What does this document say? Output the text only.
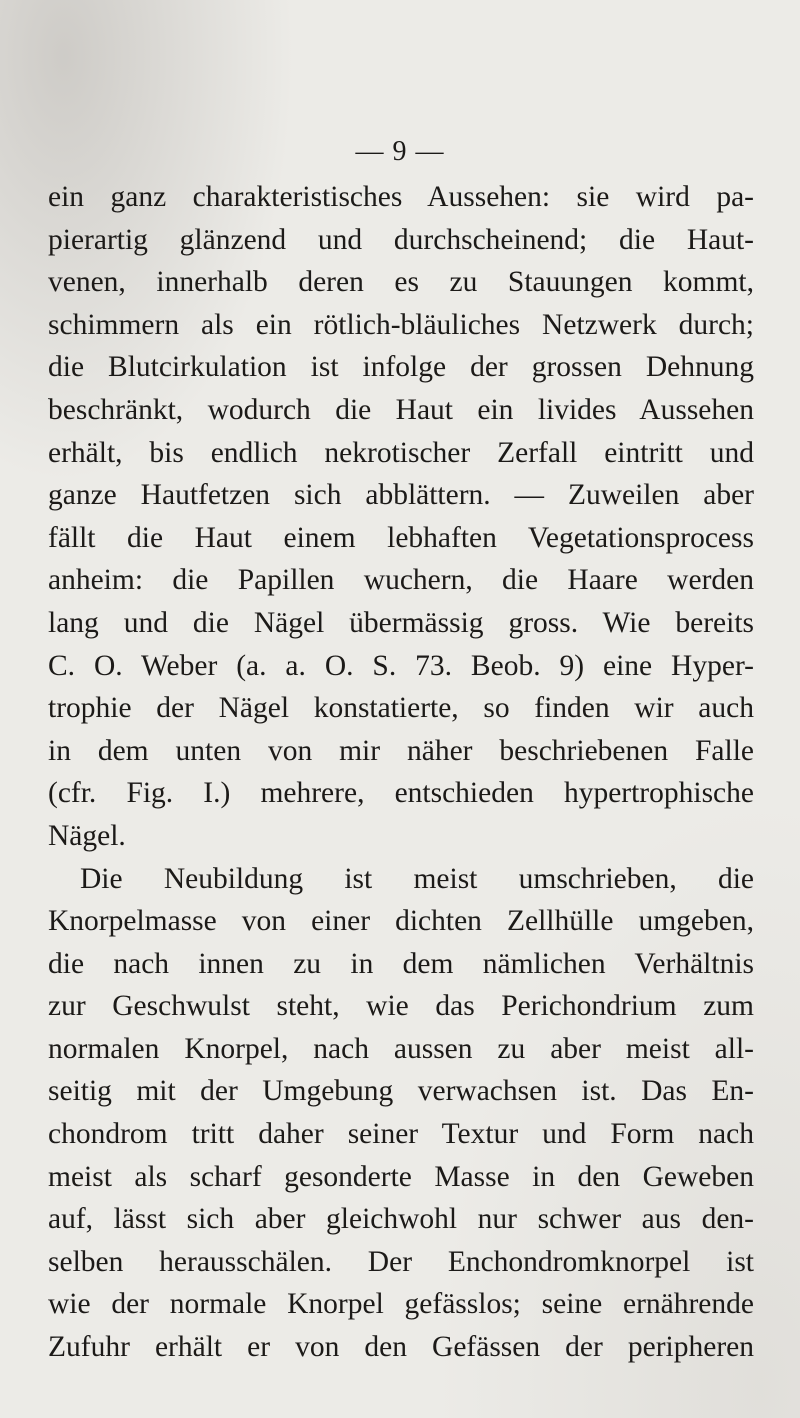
— 9 —
ein ganz charakteristisches Aussehen: sie wird pa-
pierartig glänzend und durchscheinend; die Haut-
venen, innerhalb deren es zu Stauungen kommt,
schimmern als ein rötlich-bläuliches Netzwerk durch;
die Blutcirkulation ist infolge der grossen Dehnung
beschränkt, wodurch die Haut ein livides Aussehen
erhält, bis endlich nekrotischer Zerfall eintritt und
ganze Hautfetzen sich abblättern. — Zuweilen aber
fällt die Haut einem lebhaften Vegetationsprocess
anheim: die Papillen wuchern, die Haare werden
lang und die Nägel übermässig gross. Wie bereits
C. O. Weber (a. a. O. S. 73. Beob. 9) eine Hyper-
trophie der Nägel konstatierte, so finden wir auch
in dem unten von mir näher beschriebenen Falle
(cfr. Fig. I.) mehrere, entschieden hypertrophische
Nägel.
Die Neubildung ist meist umschrieben, die
Knorpelmasse von einer dichten Zellhülle umgeben,
die nach innen zu in dem nämlichen Verhältnis
zur Geschwulst steht, wie das Perichondrium zum
normalen Knorpel, nach aussen zu aber meist all-
seitig mit der Umgebung verwachsen ist. Das En-
chondrom tritt daher seiner Textur und Form nach
meist als scharf gesonderte Masse in den Geweben
auf, lässt sich aber gleichwohl nur schwer aus den-
selben herausschälen. Der Enchondromknorpel ist
wie der normale Knorpel gefässlos; seine ernährende
Zufuhr erhält er von den Gefässen der peripheren
